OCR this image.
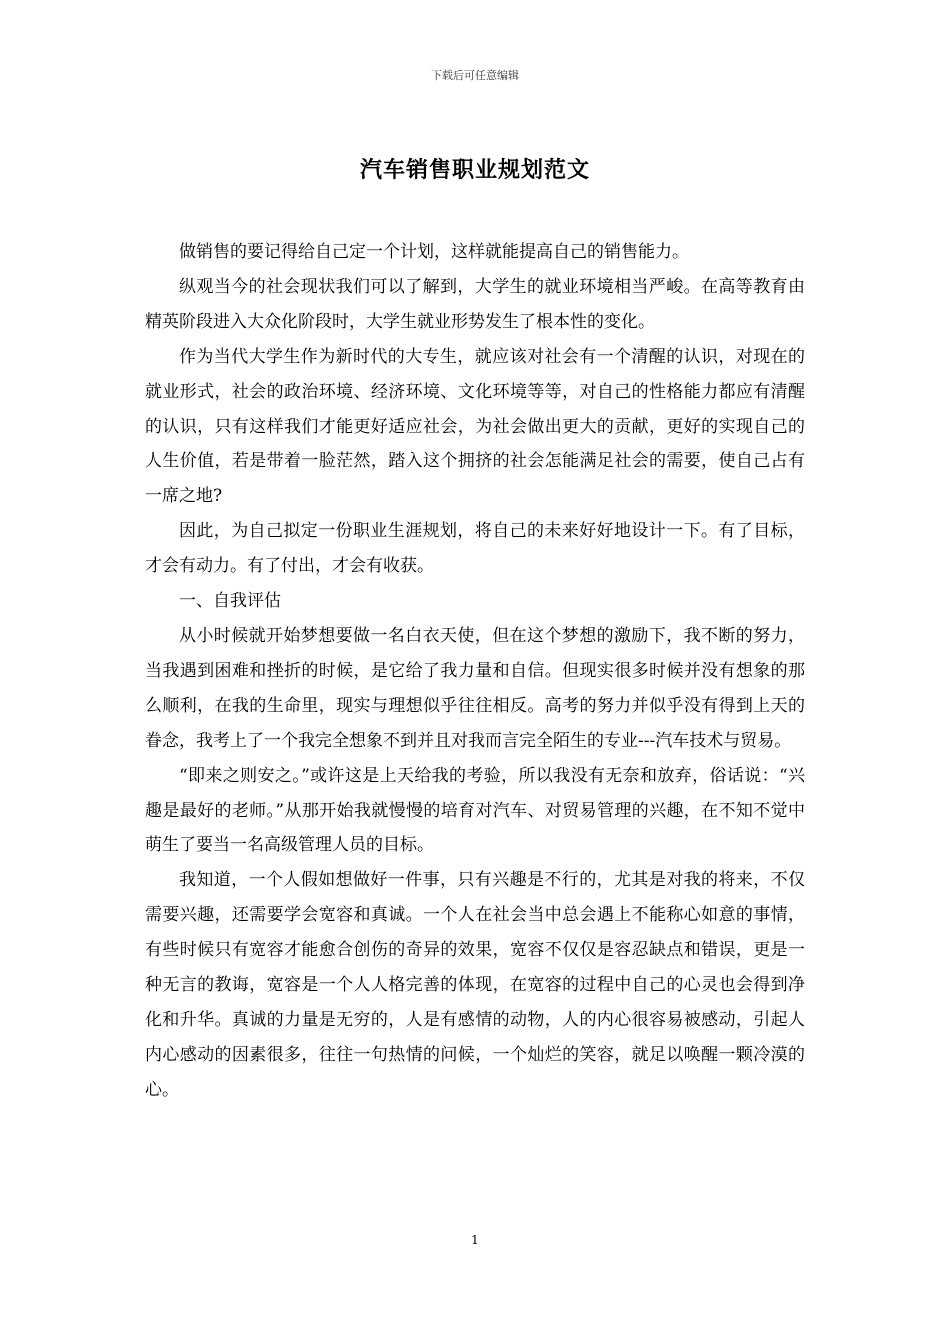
下载后可任意编辑
汽车销售职业规划范文

做销售的要记得给自己定一个计划，这样就能提高自己的销售能力。

纵观当今的社会现状我们可以了解到，大学生的就业环境相当严峻。在高等教育由精英阶段进入大众化阶段时，大学生就业形势发生了根本性的变化。

作为当代大学生作为新时代的大专生，就应该对社会有一个清醒的认识，对现在的就业形式，社会的政治环境、经济环境、文化环境等等，对自己的性格能力都应有清醒的认识，只有这样我们才能更好适应社会，为社会做出更大的贡献，更好的实现自己的人生价值，若是带着一脸茫然，踏入这个拥挤的社会怎能满足社会的需要，使自己占有一席之地?

因此，为自己拟定一份职业生涯规划，将自己的未来好好地设计一下。有了目标，才会有动力。有了付出，才会有收获。

一、自我评估

从小时候就开始梦想要做一名白衣天使，但在这个梦想的激励下，我不断的努力，当我遇到困难和挫折的时候，是它给了我力量和自信。但现实很多时候并没有想象的那么顺利，在我的生命里，现实与理想似乎往往相反。高考的努力并似乎没有得到上天的眷念，我考上了一个我完全想象不到并且对我而言完全陌生的专业---汽车技术与贸易。

“即来之则安之。”或许这是上天给我的考验，所以我没有无奈和放弃，俗话说：“兴趣是最好的老师。”从那开始我就慢慢的培育对汽车、对贸易管理的兴趣，在不知不觉中萌生了要当一名高级管理人员的目标。

我知道，一个人假如想做好一件事，只有兴趣是不行的，尤其是对我的将来，不仅需要兴趣，还需要学会宽容和真诚。一个人在社会当中总会遇上不能称心如意的事情，有些时候只有宽容才能愈合创伤的奇异的效果，宽容不仅仅是容忍缺点和错误，更是一种无言的教诲，宽容是一个人人格完善的体现，在宽容的过程中自己的心灵也会得到净化和升华。真诚的力量是无穷的，人是有感情的动物，人的内心很容易被感动，引起人内心感动的因素很多，往往一句热情的问候，一个灿烂的笑容，就足以唤醒一颗冷漠的心。

1
